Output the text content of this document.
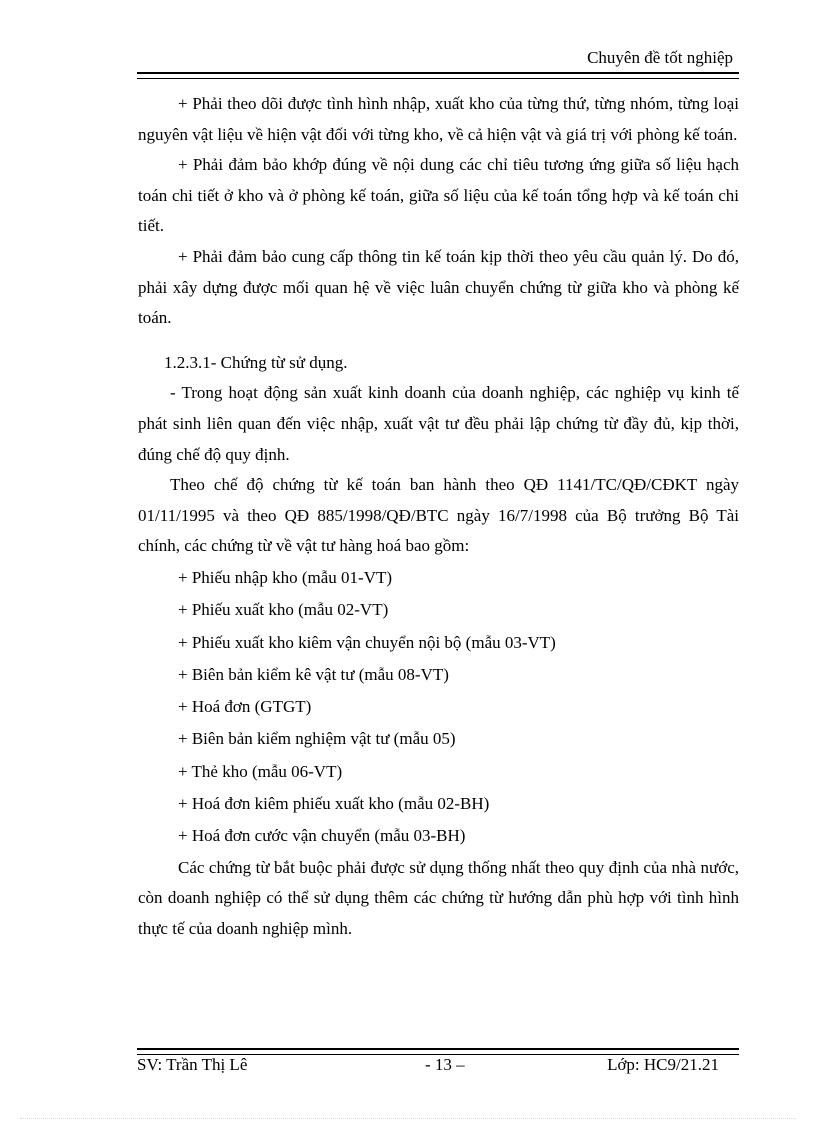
Chuyên đề tốt nghiệp

+ Phải theo dõi được tình hình nhập, xuất kho của từng thứ, từng nhóm, từng loại nguyên vật liệu về hiện vật đối với từng kho, về cả hiện vật và giá trị với phòng kế toán.

+ Phải đảm bảo khớp đúng về nội dung các chỉ tiêu tương ứng giữa số liệu hạch toán chi tiết ở kho và ở phòng kế toán, giữa số liệu của kế toán tổng hợp và kế toán chi tiết.

+ Phải đảm bảo cung cấp thông tin kế toán kịp thời theo yêu cầu quản lý. Do đó, phải xây dựng được mối quan hệ về việc luân chuyển chứng từ giữa kho và phòng kế toán.

1.2.3.1- Chứng từ sử dụng.

- Trong hoạt động sản xuất kinh doanh của doanh nghiệp, các nghiệp vụ kinh tế phát sinh liên quan đến việc nhập, xuất vật tư đều phải lập chứng từ đầy đủ, kịp thời, đúng chế độ quy định.

Theo chế độ chứng từ kế toán ban hành theo QĐ 1141/TC/QĐ/CĐKT ngày 01/11/1995 và theo QĐ 885/1998/QĐ/BTC ngày 16/7/1998 của Bộ trưởng Bộ Tài chính, các chứng từ về vật tư hàng hoá bao gồm:

+ Phiếu nhập kho (mẫu 01-VT)
+ Phiếu xuất kho (mẫu 02-VT)
+ Phiếu xuất kho kiêm vận chuyển nội bộ (mẫu 03-VT)
+ Biên bản kiểm kê vật tư (mẫu 08-VT)
+ Hoá đơn (GTGT)
+ Biên bản kiểm nghiệm vật tư (mẫu 05)
+ Thẻ kho (mẫu 06-VT)
+ Hoá đơn kiêm phiếu xuất kho (mẫu 02-BH)
+ Hoá đơn cước vận chuyển (mẫu 03-BH)

Các chứng từ bắt buộc phải được sử dụng thống nhất theo quy định của nhà nước, còn doanh nghiệp có thể sử dụng thêm các chứng từ hướng dẫn phù hợp với tình hình thực tế của doanh nghiệp mình.

SV: Trần Thị Lê	- 13 –	Lớp: HC9/21.21
